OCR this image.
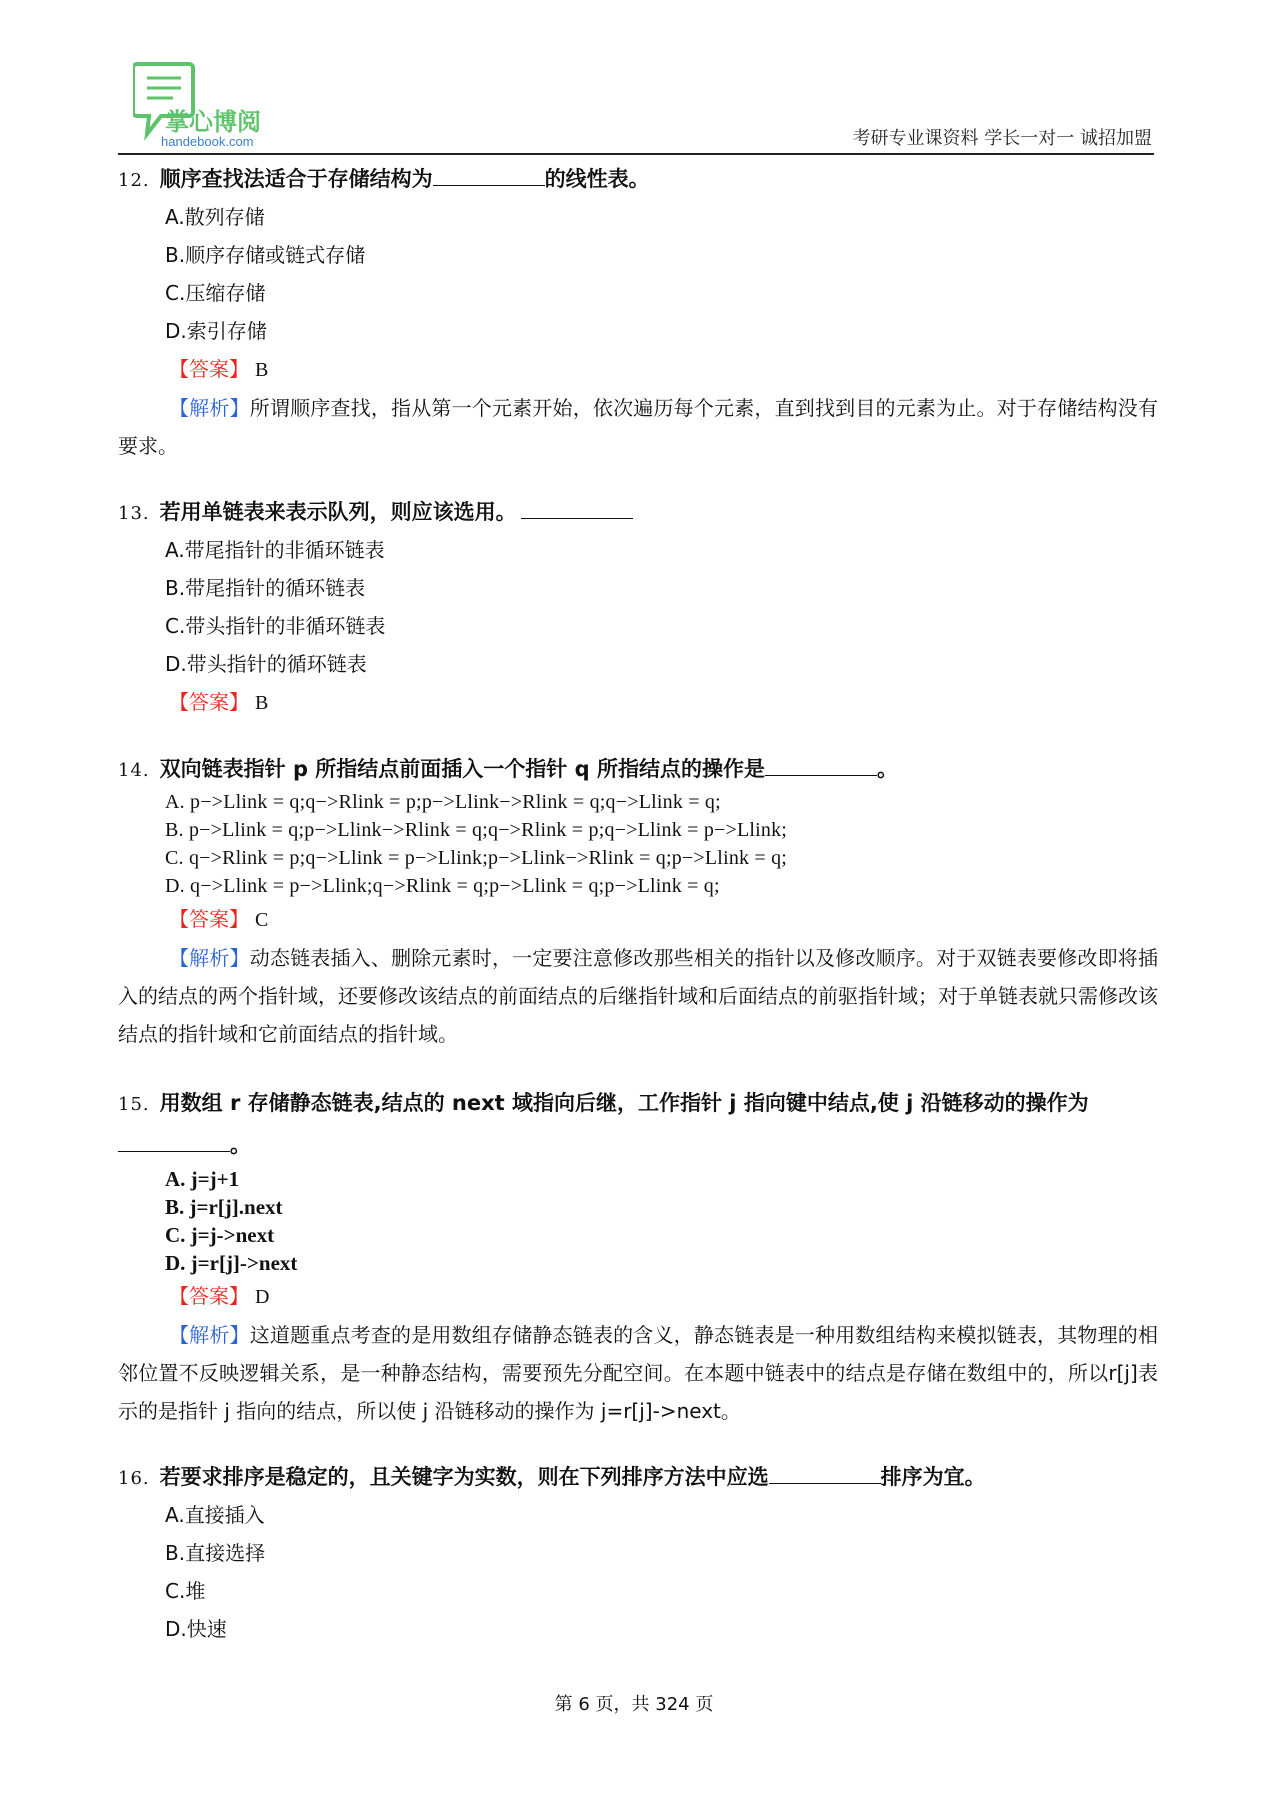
掌心博阅
handebook.com	考研专业课资料 学长一对一 诚招加盟

12. 顺序查找法适合于存储结构为	的线性表。

A.散列存储

B.顺序存储或链式存储

C.压缩存储

D.索引存储

【答案】 B

【解析】所谓顺序查找，指从第一个元素开始，依次遍历每个元素，直到找到目的元素为止。对于存储结构没有要求。

13. 若用单链表来表示队列，则应该选用。

A.带尾指针的非循环链表

B.带尾指针的循环链表

C.带头指针的非循环链表

D.带头指针的循环链表

【答案】 B

14. 双向链表指针 p 所指结点前面插入一个指针 q 所指结点的操作是	。

A. p−>Llink = q;q−>Rlink = p;p−>Llink−>Rlink = q;q−>Llink = q;

B. p−>Llink = q;p−>Llink−>Rlink = q;q−>Rlink = p;q−>Llink = p−>Llink;

C. q−>Rlink = p;q−>Llink = p−>Llink;p−>Llink−>Rlink = q;p−>Llink = q;

D. q−>Llink = p−>Llink;q−>Rlink = q;p−>Llink = q;p−>Llink = q;

【答案】 C

【解析】动态链表插入、删除元素时，一定要注意修改那些相关的指针以及修改顺序。对于双链表要修改即将插入的结点的两个指针域，还要修改该结点的前面结点的后继指针域和后面结点的前驱指针域；对于单链表就只需修改该结点的指针域和它前面结点的指针域。

15. 用数组 r 存储静态链表,结点的 next 域指向后继，工作指针 j 指向键中结点,使 j 沿链移动的操作为
。

A. j=j+1

B. j=r[j].next

C. j=j->next

D. j=r[j]->next

【答案】 D

【解析】这道题重点考查的是用数组存储静态链表的含义，静态链表是一种用数组结构来模拟链表，其物理的相邻位置不反映逻辑关系，是一种静态结构，需要预先分配空间。在本题中链表中的结点是存储在数组中的，所以r[j]表示的是指针 j 指向的结点，所以使 j 沿链移动的操作为 j=r[j]->next。

16. 若要求排序是稳定的，且关键字为实数，则在下列排序方法中应选	排序为宜。

A.直接插入

B.直接选择

C.堆

D.快速

第 6 页，共 324 页
